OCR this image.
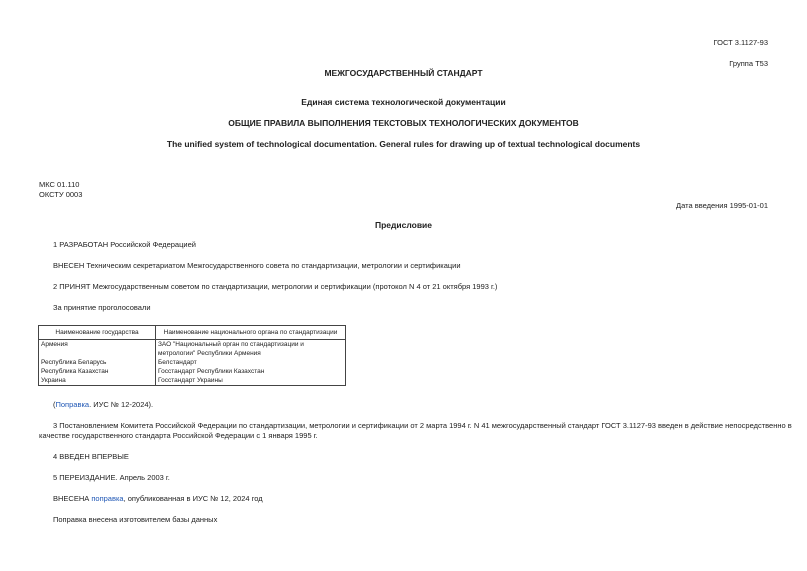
ГОСТ 3.1127-93
Группа Т53
МЕЖГОСУДАРСТВЕННЫЙ СТАНДАРТ
Единая система технологической документации
ОБЩИЕ ПРАВИЛА ВЫПОЛНЕНИЯ ТЕКСТОВЫХ ТЕХНОЛОГИЧЕСКИХ ДОКУМЕНТОВ
The unified system of technological documentation. General rules for drawing up of textual technological documents
МКС 01.110
ОКСТУ 0003
Дата введения 1995-01-01
Предисловие
1 РАЗРАБОТАН Российской Федерацией
ВНЕСЕН Техническим секретариатом Межгосударственного совета по стандартизации, метрологии и сертификации
2 ПРИНЯТ Межгосударственным советом по стандартизации, метрологии и сертификации (протокол N 4 от 21 октября 1993 г.)
За принятие проголосовали
Наименование государства	Наименование национального органа по стандартизации
Армения	ЗАО "Национальный орган по стандартизации и
метрологии" Республики Армения

Республика Беларусь	Белстандарт
Республика Казахстан	Госстандарт Республики Казахстан
Украина	Госстандарт Украины
(Поправка. ИУС № 12-2024).
3 Постановлением Комитета Российской Федерации по стандартизации, метрологии и сертификации от 2 марта 1994 г. N 41 межгосударственный стандарт ГОСТ 3.1127-93 введен в действие непосредственно в
качестве государственного стандарта Российской Федерации с 1 января 1995 г.
4 ВВЕДЕН ВПЕРВЫЕ
5 ПЕРЕИЗДАНИЕ. Апрель 2003 г.
ВНЕСЕНА поправка, опубликованная в ИУС № 12, 2024 год
Поправка внесена изготовителем базы данных
